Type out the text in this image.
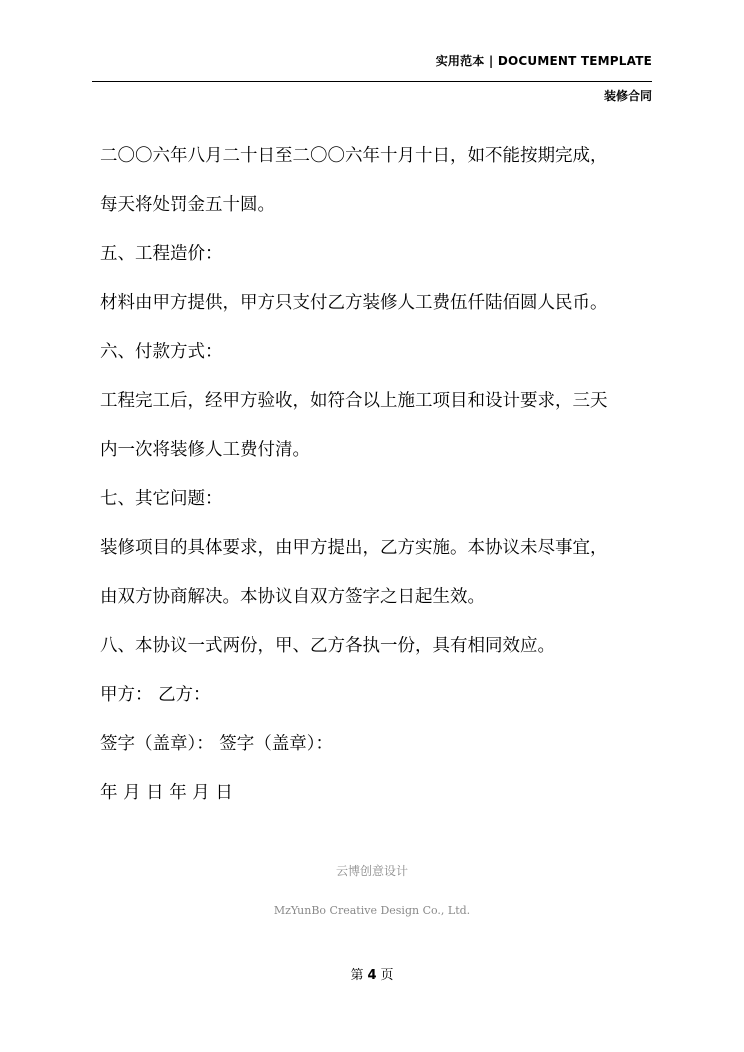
实用范本 | DOCUMENT TEMPLATE
装修合同
二〇〇六年八月二十日至二〇〇六年十月十日，如不能按期完成，
每天将处罚金五十圆。
五、工程造价：
材料由甲方提供，甲方只支付乙方装修人工费伍仟陆佰圆人民币。
六、付款方式：
工程完工后，经甲方验收，如符合以上施工项目和设计要求，三天
内一次将装修人工费付清。
七、其它问题：
装修项目的具体要求，由甲方提出，乙方实施。本协议未尽事宜，
由双方协商解决。本协议自双方签字之日起生效。
八、本协议一式两份，甲、乙方各执一份，具有相同效应。
甲方： 乙方：
签字（盖章）： 签字（盖章）：
年 月 日 年 月 日
云博创意设计
MzYunBo Creative Design Co., Ltd.
第 4 页
